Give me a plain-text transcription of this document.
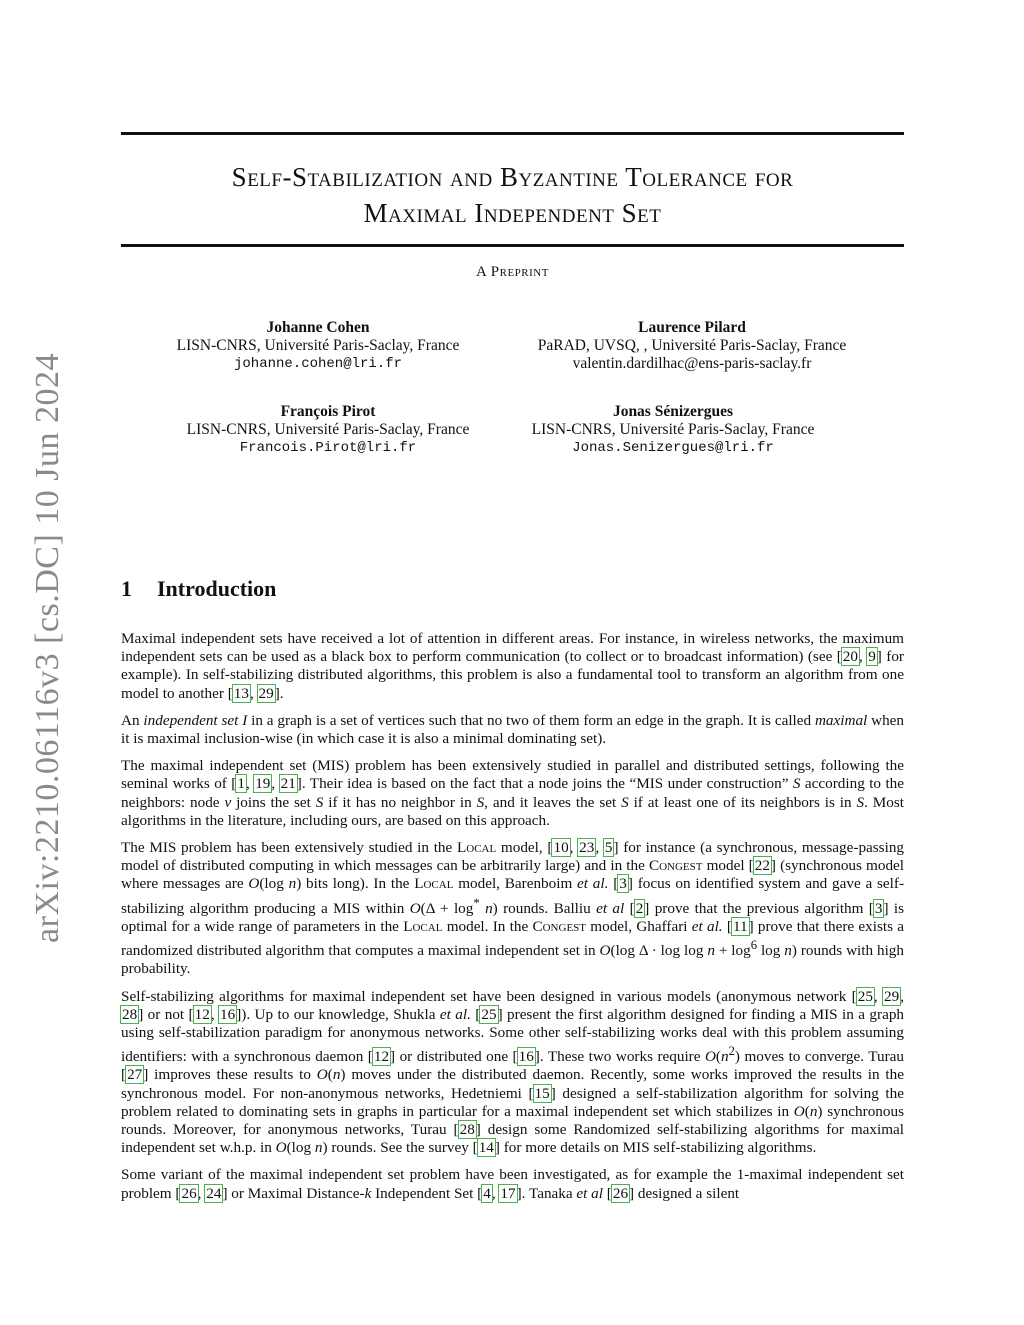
arXiv:2210.06116v3 [cs.DC] 10 Jun 2024
Self-Stabilization and Byzantine Tolerance for
Maximal Independent Set
A Preprint
Johanne Cohen
LISN-CNRS, Université Paris-Saclay, France
johanne.cohen@lri.fr
Laurence Pilard
PaRAD, UVSQ, , Université Paris-Saclay, France
valentin.dardilhac@ens-paris-saclay.fr
François Pirot
LISN-CNRS, Université Paris-Saclay, France
Francois.Pirot@lri.fr
Jonas Sénizergues
LISN-CNRS, Université Paris-Saclay, France
Jonas.Senizergues@lri.fr
1 Introduction

Maximal independent sets have received a lot of attention in different areas. For instance, in wireless networks, the maximum independent sets can be used as a black box to perform communication (to collect or to broadcast information) (see [20, 9] for example). In self-stabilizing distributed algorithms, this problem is also a fundamental tool to transform an algorithm from one model to another [13, 29].

An independent set I in a graph is a set of vertices such that no two of them form an edge in the graph. It is called maximal when it is maximal inclusion-wise (in which case it is also a minimal dominating set).

The maximal independent set (MIS) problem has been extensively studied in parallel and distributed settings, following the seminal works of [1, 19, 21]. Their idea is based on the fact that a node joins the “MIS under construction” S according to the neighbors: node v joins the set S if it has no neighbor in S, and it leaves the set S if at least one of its neighbors is in S. Most algorithms in the literature, including ours, are based on this approach.

The MIS problem has been extensively studied in the Local model, [10, 23, 5] for instance (a synchronous, message-passing model of distributed computing in which messages can be arbitrarily large) and in the Congest model [22] (synchronous model where messages are O(log n) bits long). In the Local model, Barenboim et al. [3] focus on identified system and gave a self-stabilizing algorithm producing a MIS within O(Δ + log* n) rounds. Balliu et al [2] prove that the previous algorithm [3] is optimal for a wide range of parameters in the Local model. In the Congest model, Ghaffari et al. [11] prove that there exists a randomized distributed algorithm that computes a maximal independent set in O(log $\Delta \cdot \log \log n + \log^6 \log n$) rounds with high probability.

Self-stabilizing algorithms for maximal independent set have been designed in various models (anonymous network [25, 29, 28] or not [12, 16]). Up to our knowledge, Shukla et al. [25] present the first algorithm designed for finding a MIS in a graph using self-stabilization paradigm for anonymous networks. Some other self-stabilizing works deal with this problem assuming identifiers: with a synchronous daemon [12] or distributed one [16]. These two works require $O(n^2)$ moves to converge. Turau [27] improves these results to O(n) moves under the distributed daemon. Recently, some works improved the results in the synchronous model. For non-anonymous networks, Hedetniemi [15] designed a self-stabilization algorithm for solving the problem related to dominating sets in graphs in particular for a maximal independent set which stabilizes in O(n) synchronous rounds. Moreover, for anonymous networks, Turau [28] design some Randomized self-stabilizing algorithms for maximal independent set w.h.p. in O(log n) rounds. See the survey [14] for more details on MIS self-stabilizing algorithms.

Some variant of the maximal independent set problem have been investigated, as for example the 1-maximal independent set problem [26, 24] or Maximal Distance-k Independent Set [4, 17]. Tanaka et al [26] designed a silent
